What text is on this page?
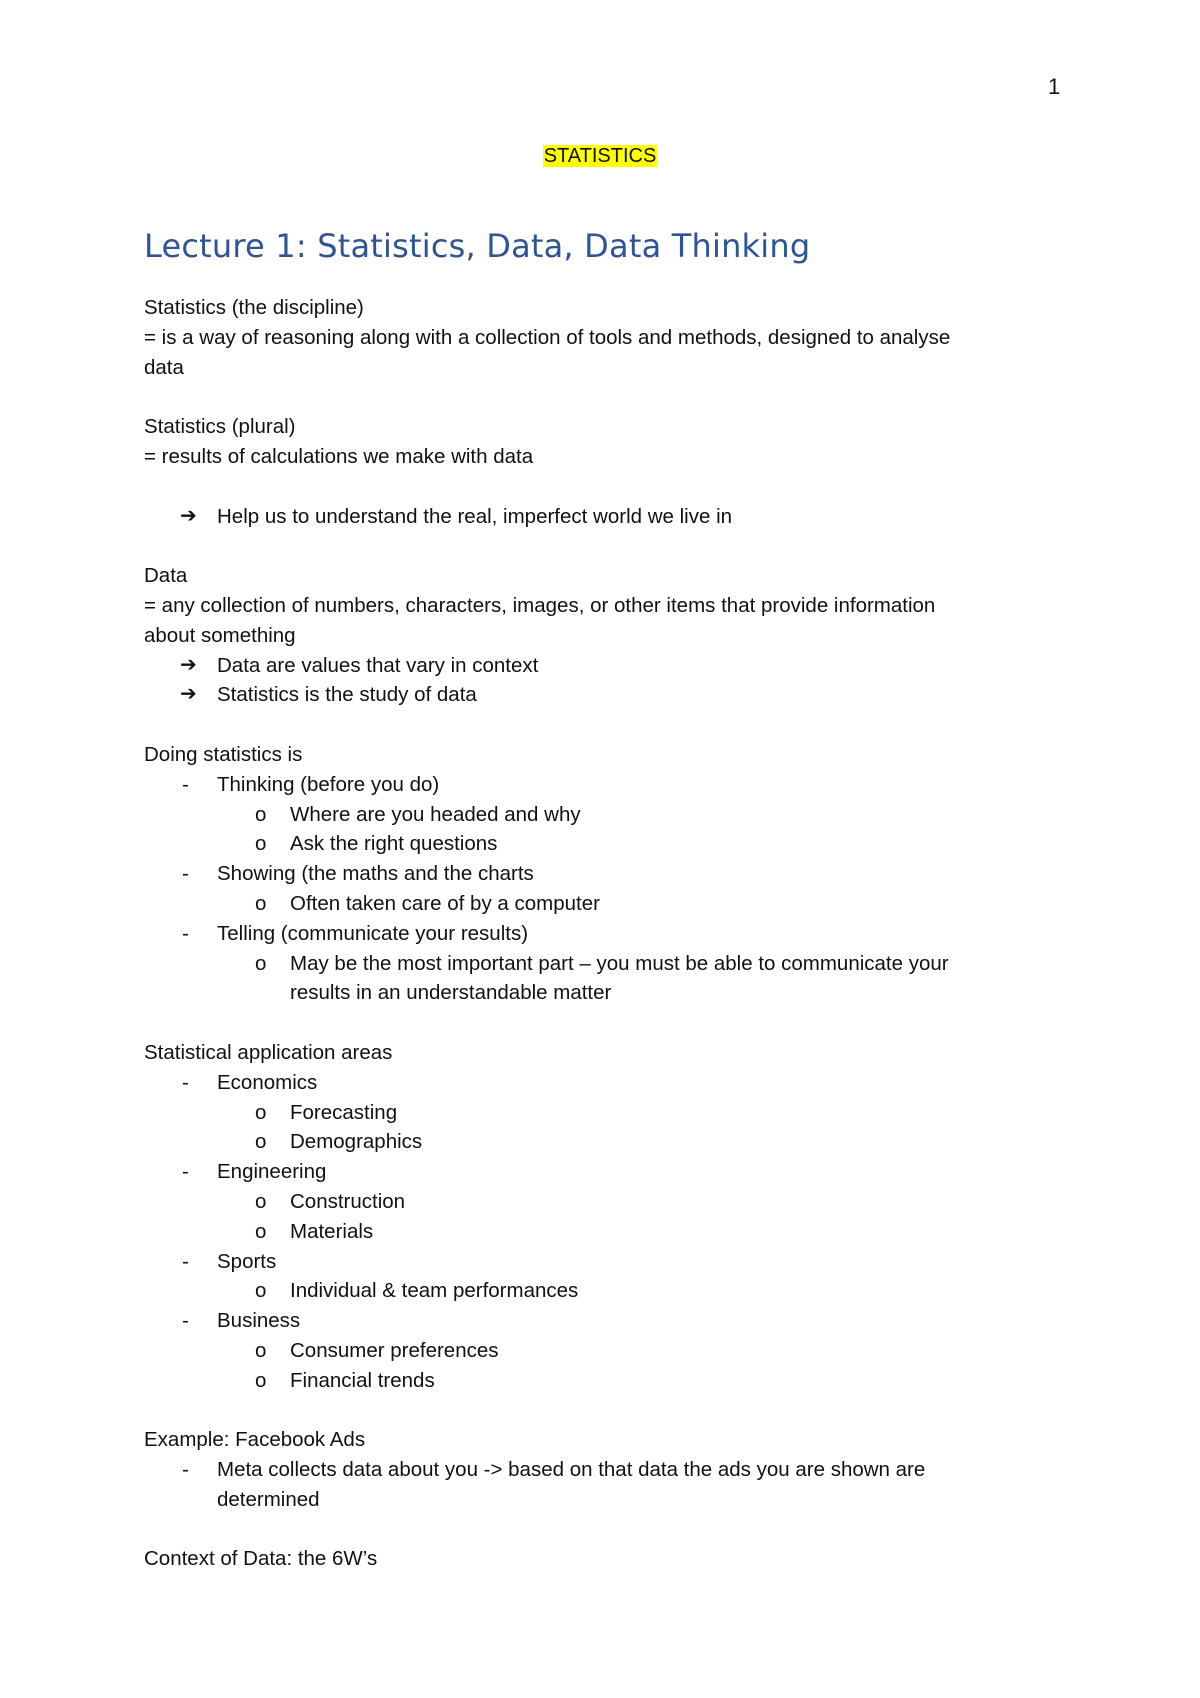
1
STATISTICS
Lecture 1: Statistics, Data, Data Thinking
Statistics (the discipline)
= is a way of reasoning along with a collection of tools and methods, designed to analyse
data
Statistics (plural)
= results of calculations we make with data
➔ Help us to understand the real, imperfect world we live in
Data
= any collection of numbers, characters, images, or other items that provide information
about something
➔ Data are values that vary in context
➔ Statistics is the study of data
Doing statistics is
- Thinking (before you do)
o Where are you headed and why
o Ask the right questions
- Showing (the maths and the charts
o Often taken care of by a computer
- Telling (communicate your results)
o May be the most important part – you must be able to communicate your
results in an understandable matter
Statistical application areas
- Economics
o Forecasting
o Demographics
- Engineering
o Construction
o Materials
- Sports
o Individual & team performances
- Business
o Consumer preferences
o Financial trends
Example: Facebook Ads
- Meta collects data about you -> based on that data the ads you are shown are
determined
Context of Data: the 6W’s
